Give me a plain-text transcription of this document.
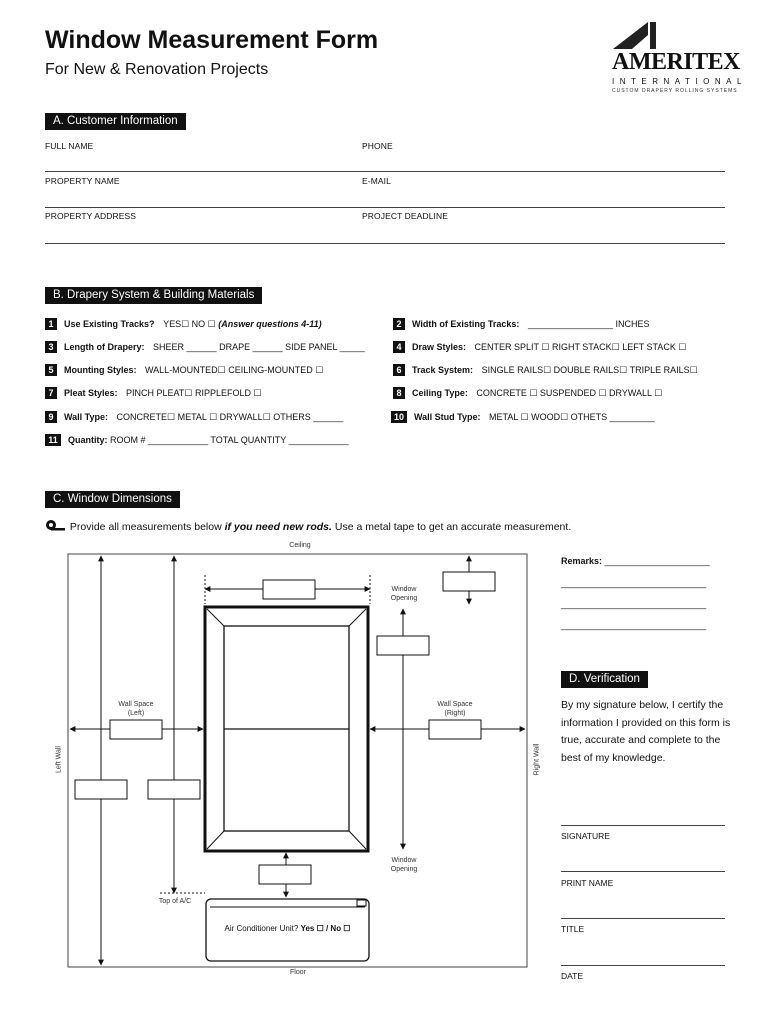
Window Measurement Form
For New & Renovation Projects	AMERITEX
INTERNATIONAL
CUSTOM DRAPERY ROLLING SYSTEMS
A. Customer Information
FULL NAME	PHONE
PROPERTY NAME	E-MAIL
PROPERTY ADDRESS	PROJECT DEADLINE
B. Drapery System & Building Materials
1 Use Existing Tracks? YES☐ NO ☐ (Answer questions 4-11)	2 Width of Existing Tracks: _________________ INCHES
3 Length of Drapery: SHEER ______ DRAPE ______ SIDE PANEL _____	4 Draw Styles: CENTER SPLIT ☐ RIGHT STACK☐ LEFT STACK ☐
5 Mounting Styles: WALL-MOUNTED☐ CEILING-MOUNTED ☐	6 Track System: SINGLE RAILS☐ DOUBLE RAILS☐ TRIPLE RAILS☐
7 Pleat Styles: PINCH PLEAT☐ RIPPLEFOLD ☐	8 Ceiling Type: CONCRETE ☐ SUSPENDED ☐ DRYWALL ☐
9 Wall Type: CONCRETE☐ METAL ☐ DRYWALL☐ OTHERS ______	10 Wall Stud Type: METAL ☐ WOOD☐ OTHETS _________
11 Quantity: ROOM # ____________ TOTAL QUANTITY ____________
C. Window Dimensions
Provide all measurements below if you need new rods. Use a metal tape to get an accurate measurement.
Ceiling
Floor
Left Wall	Right Wall
Window
Opening
Window
Opening
Wall Space
(Left)
Wall Space
(Right)
Top of A/C
Air Conditioner Unit? Yes ☐ / No ☐
Remarks: _____________________
_____________________________
_____________________________
_____________________________
D. Verification
By my signature below, I certify the information I provided on this form is true, accurate and complete to the best of my knowledge.
SIGNATURE
PRINT NAME
TITLE
DATE
